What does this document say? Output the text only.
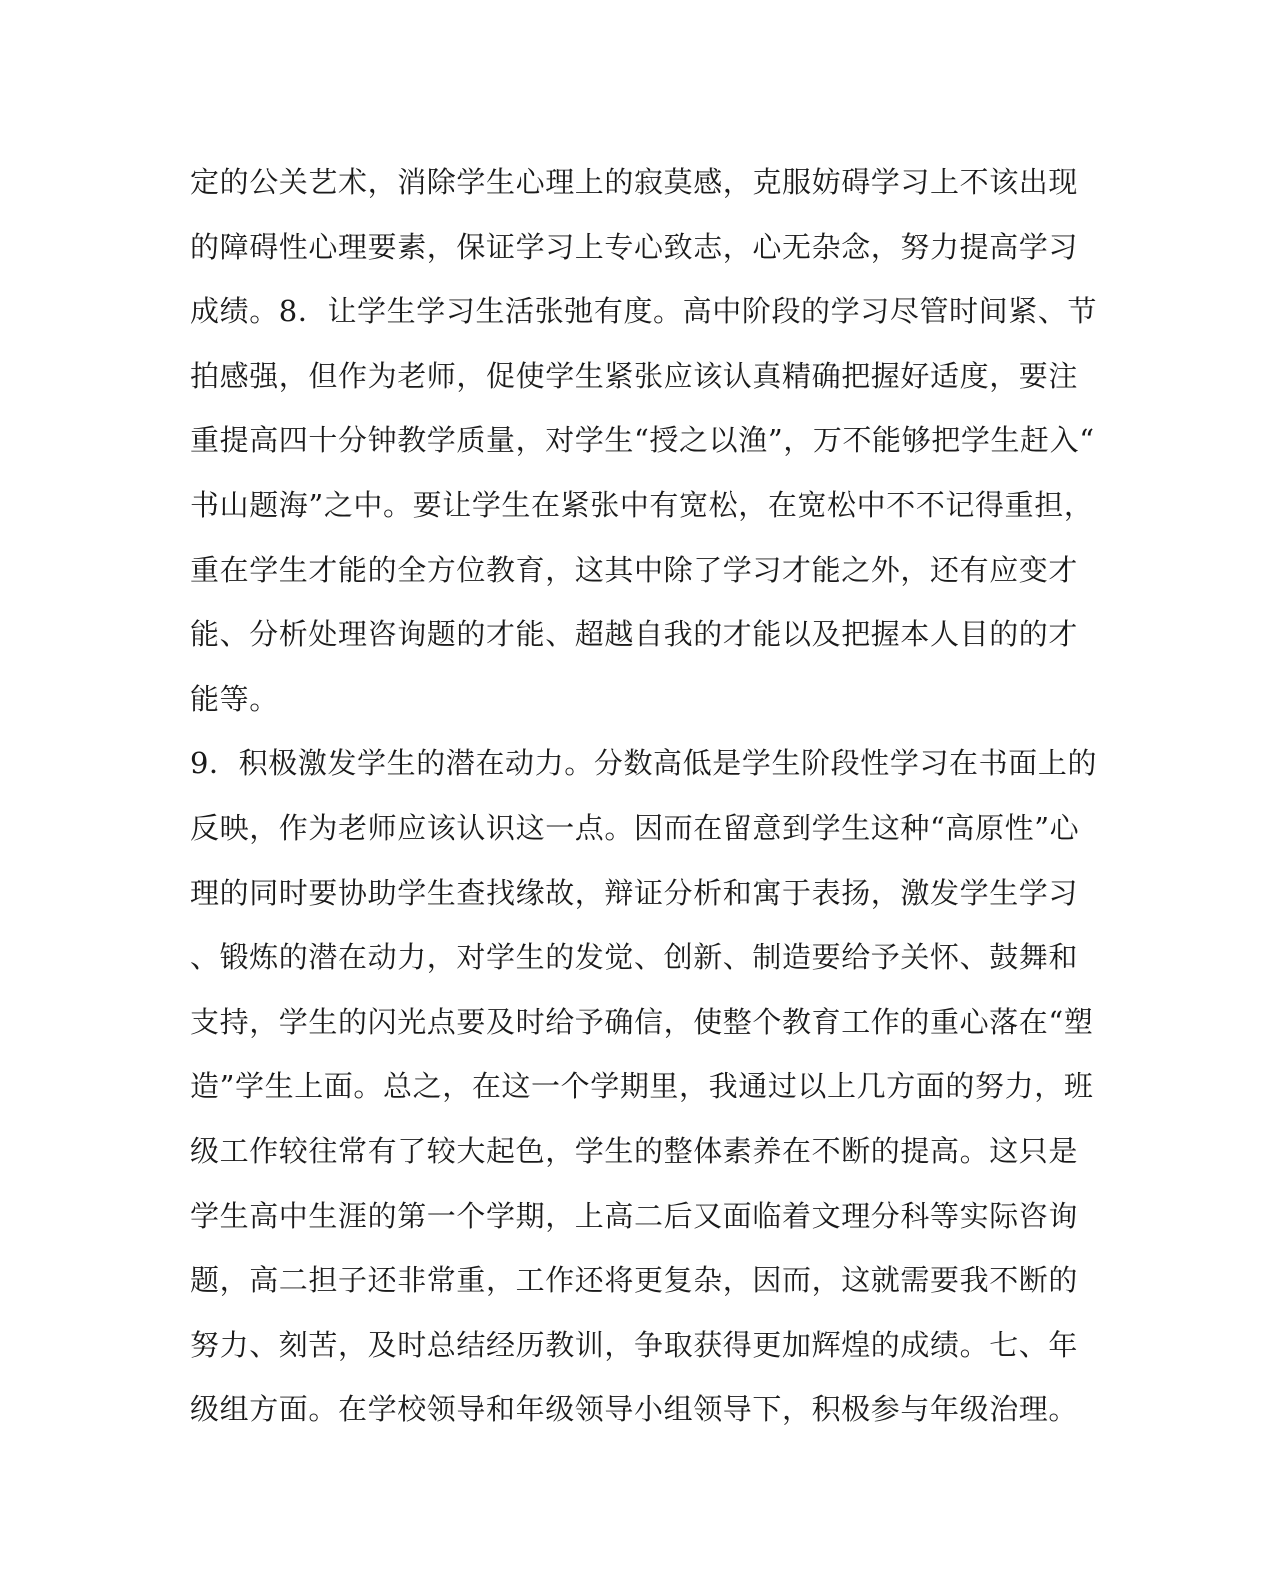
定的公关艺术，消除学生心理上的寂莫感，克服妨碍学习上不该出现
的障碍性心理要素，保证学习上专心致志，心无杂念，努力提高学习
成绩。8．让学生学习生活张弛有度。高中阶段的学习尽管时间紧、节
拍感强，但作为老师，促使学生紧张应该认真精确把握好适度，要注
重提高四十分钟教学质量，对学生“授之以渔”，万不能够把学生赶入“
书山题海”之中。要让学生在紧张中有宽松，在宽松中不不记得重担，
重在学生才能的全方位教育，这其中除了学习才能之外，还有应变才
能、分析处理咨询题的才能、超越自我的才能以及把握本人目的的才
能等。
9．积极激发学生的潜在动力。分数高低是学生阶段性学习在书面上的
反映，作为老师应该认识这一点。因而在留意到学生这种“高原性”心
理的同时要协助学生查找缘故，辩证分析和寓于表扬，激发学生学习
、锻炼的潜在动力，对学生的发觉、创新、制造要给予关怀、鼓舞和
支持，学生的闪光点要及时给予确信，使整个教育工作的重心落在“塑
造”学生上面。总之，在这一个学期里，我通过以上几方面的努力，班
级工作较往常有了较大起色，学生的整体素养在不断的提高。这只是
学生高中生涯的第一个学期，上高二后又面临着文理分科等实际咨询
题，高二担子还非常重，工作还将更复杂，因而，这就需要我不断的
努力、刻苦，及时总结经历教训，争取获得更加辉煌的成绩。七、年
级组方面。在学校领导和年级领导小组领导下，积极参与年级治理。
